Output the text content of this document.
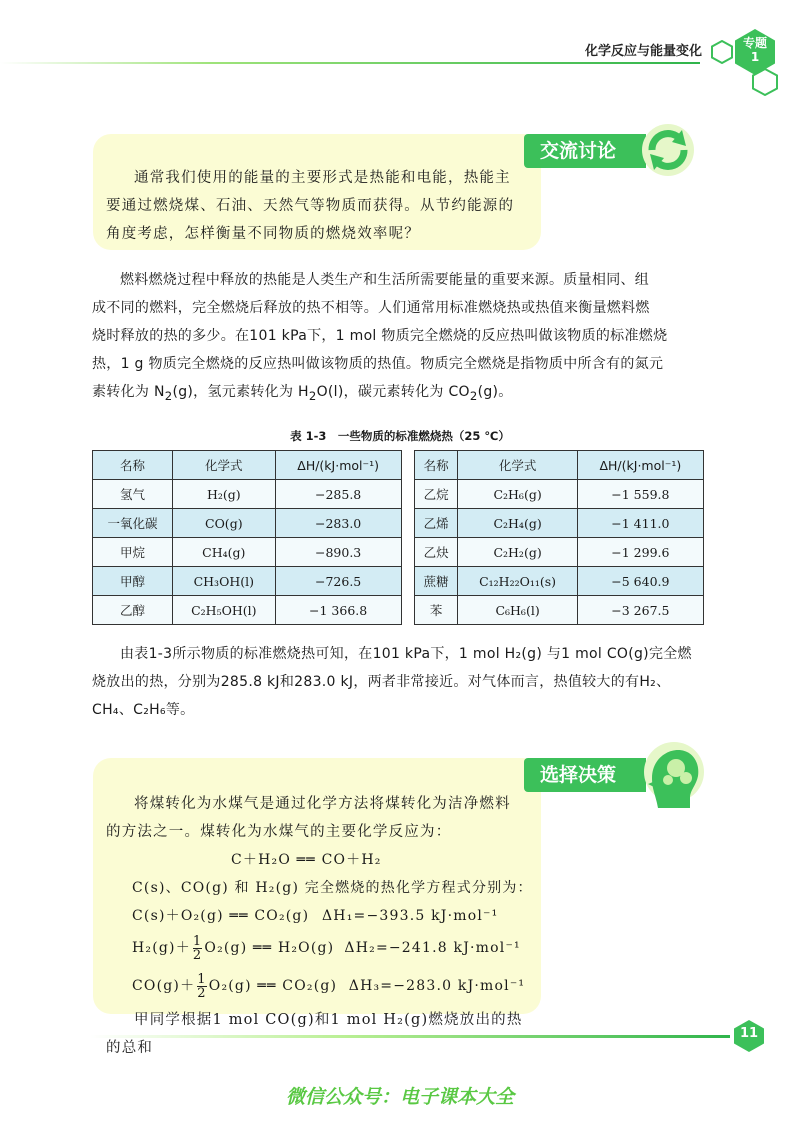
化学反应与能量变化
专题
1
交流讨论
通常我们使用的能量的主要形式是热能和电能，热能主
要通过燃烧煤、石油、天然气等物质而获得。从节约能源的
角度考虑，怎样衡量不同物质的燃烧效率呢？
燃料燃烧过程中释放的热能是人类生产和生活所需要能量的重要来源。质量相同、组
成不同的燃料，完全燃烧后释放的热不相等。人们通常用标准燃烧热或热值来衡量燃料燃
烧时释放的热的多少。在101 kPa下，1 mol 物质完全燃烧的反应热叫做该物质的标准燃烧
热，1 g 物质完全燃烧的反应热叫做该物质的热值。物质完全燃烧是指物质中所含有的氮元
素转化为 $N_2(g)$，氢元素转化为 $H_2O(l)$，碳元素转化为 $CO_2(g)$。
表 1-3　一些物质的标准燃烧热（25 ℃）
名称	化学式	ΔH/(kJ·mol⁻¹)		名称	化学式	ΔH/(kJ·mol⁻¹)
氢气	H₂(g)	−285.8		乙烷	C₂H₆(g)	−1 559.8
一氧化碳	CO(g)	−283.0		乙烯	C₂H₄(g)	−1 411.0
甲烷	CH₄(g)	−890.3		乙炔	C₂H₂(g)	−1 299.6
甲醇	CH₃OH(l)	−726.5		蔗糖	C₁₂H₂₂O₁₁(s)	−5 640.9
乙醇	C₂H₅OH(l)	−1 366.8		苯	C₆H₆(l)	−3 267.5
由表1-3所示物质的标准燃烧热可知，在101 kPa下，1 mol H₂(g) 与1 mol CO(g)完全燃
烧放出的热，分别为285.8 kJ和283.0 kJ，两者非常接近。对气体而言，热值较大的有H₂、
CH₄、C₂H₆等。
选择决策
将煤转化为水煤气是通过化学方法将煤转化为洁净燃料
的方法之一。煤转化为水煤气的主要化学反应为：
C＋H₂O ══ CO＋H₂
C(s)、CO(g) 和 H₂(g) 完全燃烧的热化学方程式分别为：
C(s)＋O₂(g) ══ CO₂(g) ΔH₁=−393.5 kJ·mol⁻¹
$H_2(g)+ \frac{1}{2} O_2(g)$ ══ H₂O(g) ΔH₂=−241.8 kJ·mol⁻¹
$CO(g)+ \frac{1}{2} O_2(g)$ ══ CO₂(g) ΔH₃=−283.0 kJ·mol⁻¹
甲同学根据1 mol CO(g)和1 mol H₂(g)燃烧放出的热的总和
11
微信公众号：电子课本大全
